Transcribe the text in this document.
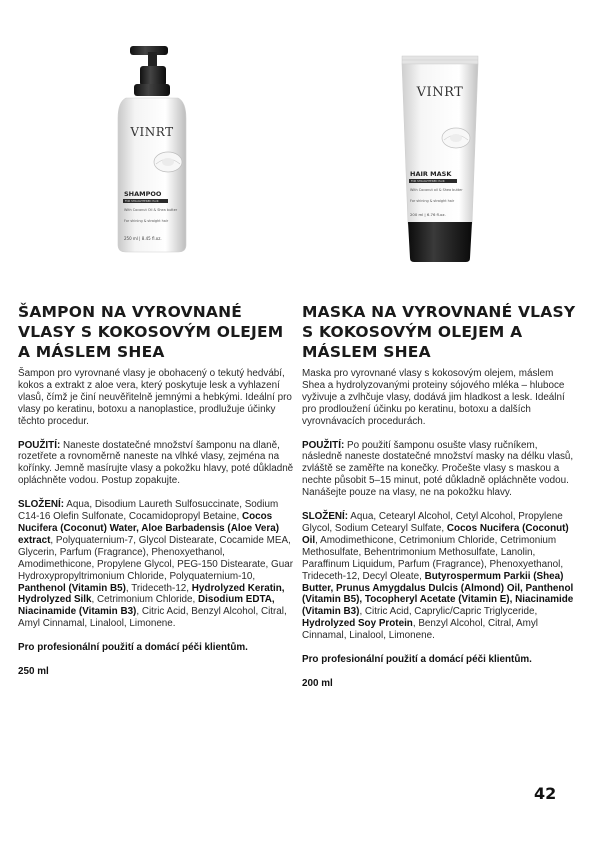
VINRT
SHAMPOO
FOR STRAIGHTENED HAIR
With Coconut Oil & Shea butter
For shining & straight hair
250 ml | 8.45 fl.oz.
ŠAMPON NA VYROVNANÉ VLASY S KOKOSOVÝM OLEJEM A MÁSLEM SHEA

Šampon pro vyrovnané vlasy je obohacený o tekutý hedvábí, kokos a extrakt z aloe vera, který poskytuje lesk a vyhlazení vlasů, čímž je činí neuvěřitelně jemnými a hebkými. Ideální pro vlasy po keratinu, botoxu a nanoplastice, prodlužuje účinky těchto procedur.

POUŽITÍ: Naneste dostatečné množství šamponu na dlaně, rozetřete a rovnoměrně naneste na vlhké vlasy, zejména na kořínky. Jemně masírujte vlasy a pokožku hlavy, poté důkladně opláchněte vodou. Postup zopakujte.

SLOŽENÍ: Aqua, Disodium Laureth Sulfosuccinate, Sodium C14-16 Olefin Sulfonate, Cocamidopropyl Betaine, Cocos Nucifera (Coconut) Water, Aloe Barbadensis (Aloe Vera) extract, Polyquaternium-7, Glycol Distearate, Cocamide MEA, Glycerin, Parfum (Fragrance), Phenoxyethanol, Amodimethicone, Propylene Glycol, PEG-150 Distearate, Guar Hydroxypropyltrimonium Chloride, Polyquaternium-10, Panthenol (Vitamin B5), Trideceth-12, Hydrolyzed Keratin, Hydrolyzed Silk, Cetrimonium Chloride, Disodium EDTA, Niacinamide (Vitamin B3), Citric Acid, Benzyl Alcohol, Citral, Amyl Cinnamal, Linalool, Limonene.

Pro profesionální použití a domácí péči klientům.

250 ml

VINRT
HAIR MASK
FOR STRAIGHTENED HAIR
With Coconut oil & Shea butter
For shining & straight hair
200 ml | 6.76 fl.oz.
MASKA NA VYROVNANÉ VLASY S KOKOSOVÝM OLEJEM A MÁSLEM SHEA

Maska pro vyrovnané vlasy s kokosovým olejem, máslem Shea a hydrolyzovanými proteiny sójového mléka – hluboce vyživuje a zvlhčuje vlasy, dodává jim hladkost a lesk. Ideální pro prodloužení účinku po keratinu, botoxu a dalších vyrovnávacích procedurách.

POUŽITÍ: Po použití šamponu osušte vlasy ručníkem, následně naneste dostatečné množství masky na délku vlasů, zvláště se zaměřte na konečky. Pročešte vlasy s maskou a nechte působit 5–15 minut, poté důkladně opláchněte vodou. Nanášejte pouze na vlasy, ne na pokožku hlavy.

SLOŽENÍ: Aqua, Cetearyl Alcohol, Cetyl Alcohol, Propylene Glycol, Sodium Cetearyl Sulfate, Cocos Nucifera (Coconut) Oil, Amodimethicone, Cetrimonium Chloride, Cetrimonium Methosulfate, Behentrimonium Methosulfate, Lanolin, Paraffinum Liquidum, Parfum (Fragrance), Phenoxyethanol, Trideceth-12, Decyl Oleate, Butyrospermum Parkii (Shea) Butter, Prunus Amygdalus Dulcis (Almond) Oil, Panthenol (Vitamin B5), Tocopheryl Acetate (Vitamin E), Niacinamide (Vitamin B3), Citric Acid, Caprylic/Capric Triglyceride, Hydrolyzed Soy Protein, Benzyl Alcohol, Citral, Amyl Cinnamal, Linalool, Limonene.

Pro profesionální použití a domácí péči klientům.

200 ml

42
